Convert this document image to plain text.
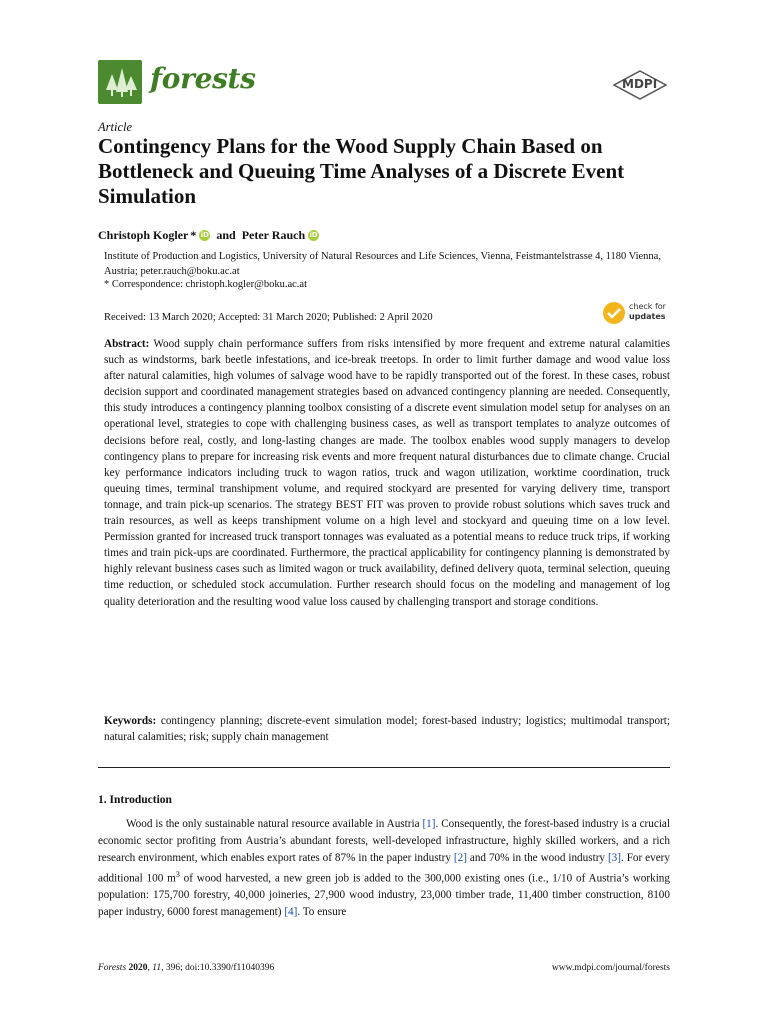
forests	MDPI
Article
Contingency Plans for the Wood Supply Chain Based on Bottleneck and Queuing Time Analyses of a Discrete Event Simulation
Christoph Kogler * iD and Peter Rauch iD
Institute of Production and Logistics, University of Natural Resources and Life Sciences, Vienna, Feistmantelstrasse 4, 1180 Vienna, Austria; peter.rauch@boku.ac.at
* Correspondence: christoph.kogler@boku.ac.at
Received: 13 March 2020; Accepted: 31 March 2020; Published: 2 April 2020
check for
updates
Abstract: Wood supply chain performance suffers from risks intensified by more frequent and extreme natural calamities such as windstorms, bark beetle infestations, and ice-break treetops. In order to limit further damage and wood value loss after natural calamities, high volumes of salvage wood have to be rapidly transported out of the forest. In these cases, robust decision support and coordinated management strategies based on advanced contingency planning are needed. Consequently, this study introduces a contingency planning toolbox consisting of a discrete event simulation model setup for analyses on an operational level, strategies to cope with challenging business cases, as well as transport templates to analyze outcomes of decisions before real, costly, and long-lasting changes are made. The toolbox enables wood supply managers to develop contingency plans to prepare for increasing risk events and more frequent natural disturbances due to climate change. Crucial key performance indicators including truck to wagon ratios, truck and wagon utilization, worktime coordination, truck queuing times, terminal transhipment volume, and required stockyard are presented for varying delivery time, transport tonnage, and train pick-up scenarios. The strategy BEST FIT was proven to provide robust solutions which saves truck and train resources, as well as keeps transhipment volume on a high level and stockyard and queuing time on a low level. Permission granted for increased truck transport tonnages was evaluated as a potential means to reduce truck trips, if working times and train pick-ups are coordinated. Furthermore, the practical applicability for contingency planning is demonstrated by highly relevant business cases such as limited wagon or truck availability, defined delivery quota, terminal selection, queuing time reduction, or scheduled stock accumulation. Further research should focus on the modeling and management of log quality deterioration and the resulting wood value loss caused by challenging transport and storage conditions.
Keywords: contingency planning; discrete-event simulation model; forest-based industry; logistics; multimodal transport; natural calamities; risk; supply chain management
1. Introduction
Wood is the only sustainable natural resource available in Austria [1]. Consequently, the forest-based industry is a crucial economic sector profiting from Austria’s abundant forests, well-developed infrastructure, highly skilled workers, and a rich research environment, which enables export rates of 87% in the paper industry [2] and 70% in the wood industry [3]. For every additional 100 $m^3$ of wood harvested, a new green job is added to the 300,000 existing ones (i.e., 1/10 of Austria’s working population: 175,700 forestry, 40,000 joineries, 27,900 wood industry, 23,000 timber trade, 11,400 timber construction, 8100 paper industry, 6000 forest management) [4]. To ensure
Forests 2020, 11, 396; doi:10.3390/f11040396	www.mdpi.com/journal/forests
